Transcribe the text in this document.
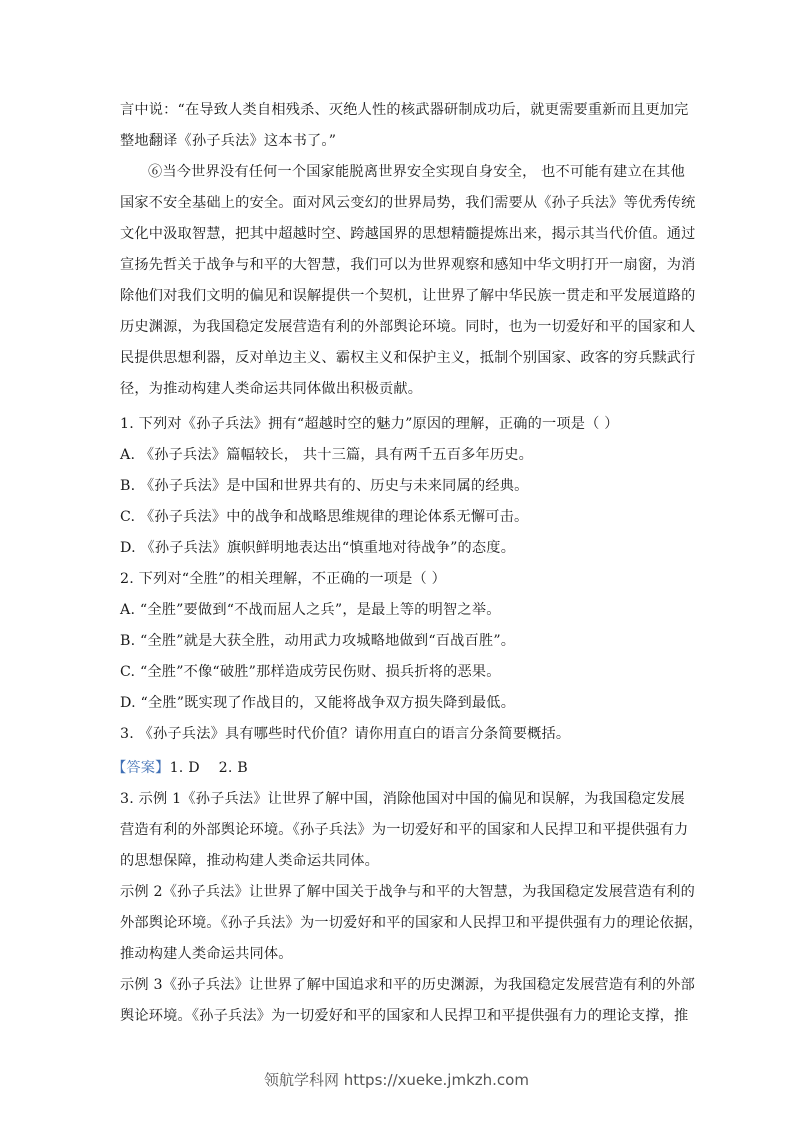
言中说：“在导致人类自相残杀、灭绝人性的核武器研制成功后，就更需要重新而且更加完
整地翻译《孙子兵法》这本书了。”
⑥当今世界没有任何一个国家能脱离世界安全实现自身安全， 也不可能有建立在其他
国家不安全基础上的安全。面对风云变幻的世界局势，我们需要从《孙子兵法》等优秀传统
文化中汲取智慧，把其中超越时空、跨越国界的思想精髓提炼出来，揭示其当代价值。通过
宣扬先哲关于战争与和平的大智慧，我们可以为世界观察和感知中华文明打开一扇窗，为消
除他们对我们文明的偏见和误解提供一个契机，让世界了解中华民族一贯走和平发展道路的
历史渊源，为我国稳定发展营造有利的外部舆论环境。同时，也为一切爱好和平的国家和人
民提供思想利器，反对单边主义、霸权主义和保护主义，抵制个别国家、政客的穷兵黩武行
径，为推动构建人类命运共同体做出积极贡献。
1. 下列对《孙子兵法》拥有“超越时空的魅力”原因的理解，正确的一项是（ ）
A. 《孙子兵法》篇幅较长， 共十三篇，具有两千五百多年历史。
B. 《孙子兵法》是中国和世界共有的、历史与未来同属的经典。
C. 《孙子兵法》中的战争和战略思维规律的理论体系无懈可击。
D. 《孙子兵法》旗帜鲜明地表达出“慎重地对待战争”的态度。
2. 下列对“全胜”的相关理解，不正确的一项是（ ）
A. “全胜”要做到“不战而屈人之兵”，是最上等的明智之举。
B. “全胜”就是大获全胜，动用武力攻城略地做到“百战百胜”。
C. “全胜”不像“破胜”那样造成劳民伤财、损兵折将的恶果。
D. “全胜”既实现了作战目的，又能将战争双方损失降到最低。
3. 《孙子兵法》具有哪些时代价值？请你用直白的语言分条简要概括。
【答案】1. D    2. B
3. 示例 1《孙子兵法》让世界了解中国，消除他国对中国的偏见和误解，为我国稳定发展
营造有利的外部舆论环境。《孙子兵法》为一切爱好和平的国家和人民捍卫和平提供强有力
的思想保障，推动构建人类命运共同体。
示例 2《孙子兵法》让世界了解中国关于战争与和平的大智慧，为我国稳定发展营造有利的
外部舆论环境。《孙子兵法》为一切爱好和平的国家和人民捍卫和平提供强有力的理论依据，
推动构建人类命运共同体。
示例 3《孙子兵法》让世界了解中国追求和平的历史渊源，为我国稳定发展营造有利的外部
舆论环境。《孙子兵法》为一切爱好和平的国家和人民捍卫和平提供强有力的理论支撑，推
领航学科网 https://xueke.jmkzh.com
